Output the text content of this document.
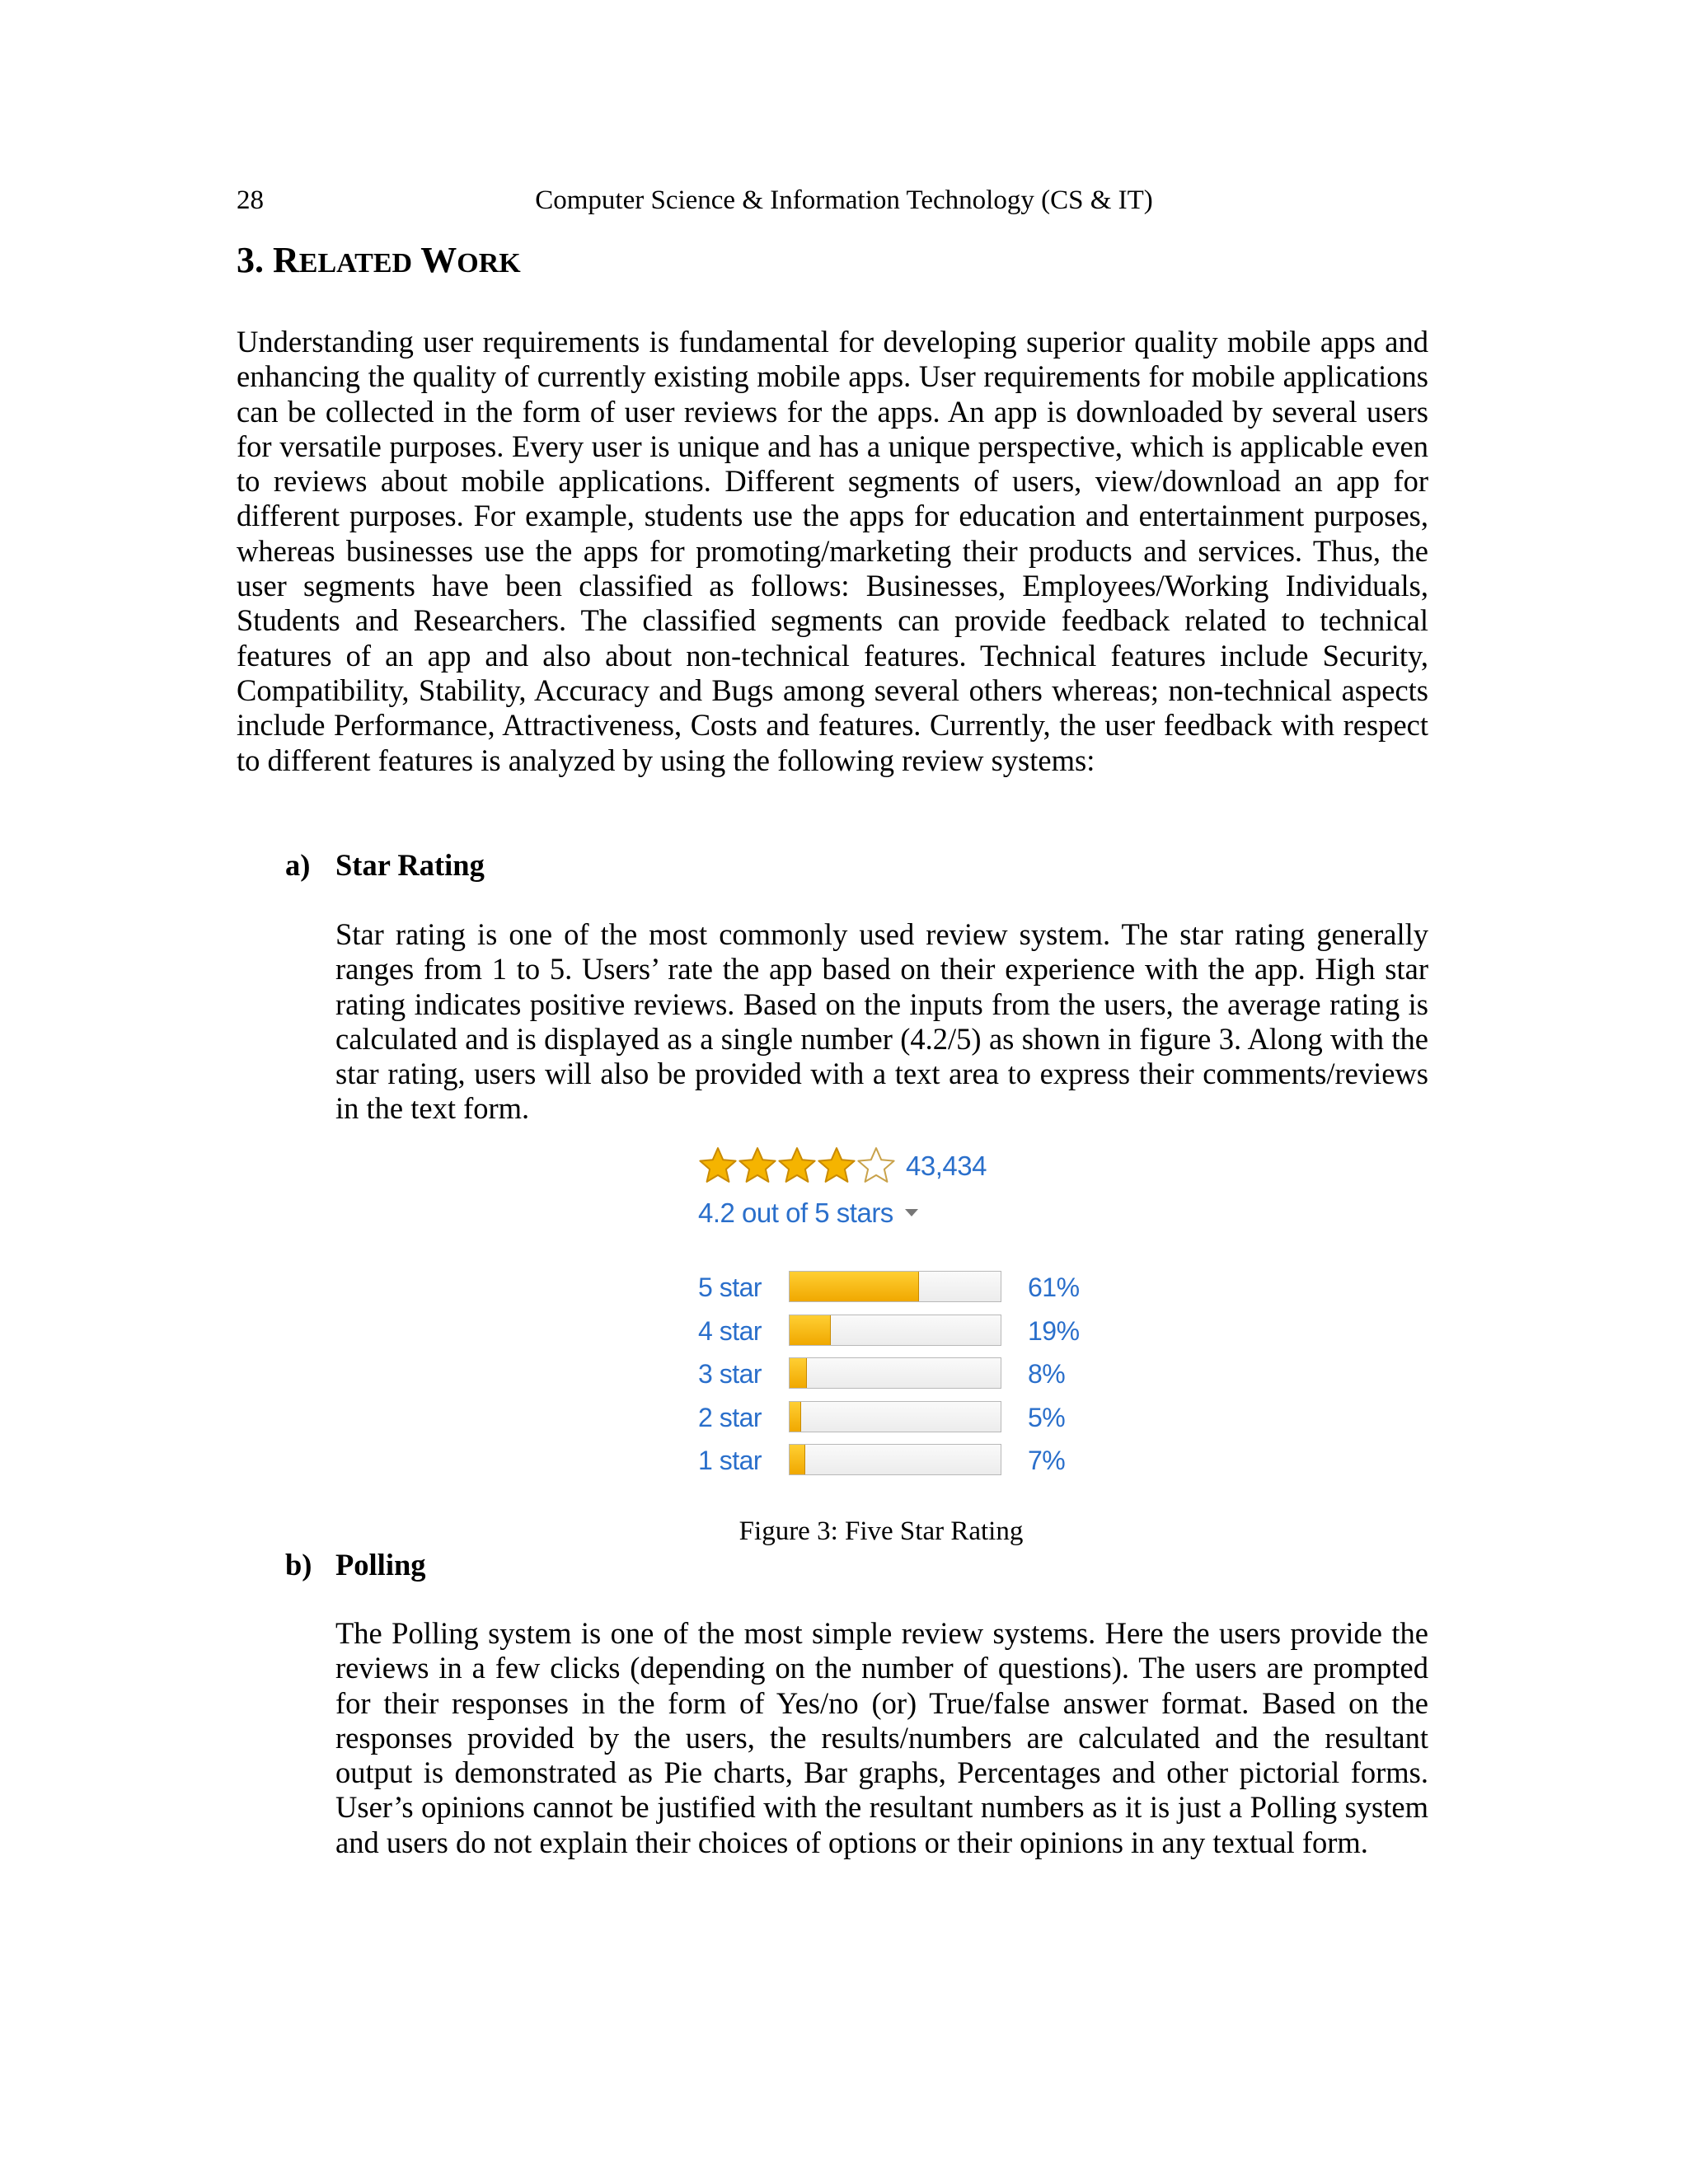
28	Computer Science & Information Technology (CS & IT)
3. RELATED WORK

Understanding user requirements is fundamental for developing superior quality mobile apps and enhancing the quality of currently existing mobile apps. User requirements for mobile applications can be collected in the form of user reviews for the apps. An app is downloaded by several users for versatile purposes. Every user is unique and has a unique perspective, which is applicable even to reviews about mobile applications. Different segments of users, view/download an app for different purposes. For example, students use the apps for education and entertainment purposes, whereas businesses use the apps for promoting/marketing their products and services. Thus, the user segments have been classified as follows: Businesses, Employees/Working Individuals, Students and Researchers. The classified segments can provide feedback related to technical features of an app and also about non-technical features. Technical features include Security, Compatibility, Stability, Accuracy and Bugs among several others whereas; non-technical aspects include Performance, Attractiveness, Costs and features. Currently, the user feedback with respect to different features is analyzed by using the following review systems:

a) Star Rating

Star rating is one of the most commonly used review system. The star rating generally ranges from 1 to 5. Users’ rate the app based on their experience with the app. High star rating indicates positive reviews. Based on the inputs from the users, the average rating is calculated and is displayed as a single number (4.2/5) as shown in figure 3. Along with the star rating, users will also be provided with a text area to express their comments/reviews in the text form.

43,434
4.2 out of 5 stars
5 star	61%
4 star	19%
3 star	8%
2 star	5%
1 star	7%
Figure 3: Five Star Rating
b) Polling

The Polling system is one of the most simple review systems. Here the users provide the reviews in a few clicks (depending on the number of questions). The users are prompted for their responses in the form of Yes/no (or) True/false answer format. Based on the responses provided by the users, the results/numbers are calculated and the resultant output is demonstrated as Pie charts, Bar graphs, Percentages and other pictorial forms. User’s opinions cannot be justified with the resultant numbers as it is just a Polling system and users do not explain their choices of options or their opinions in any textual form.
